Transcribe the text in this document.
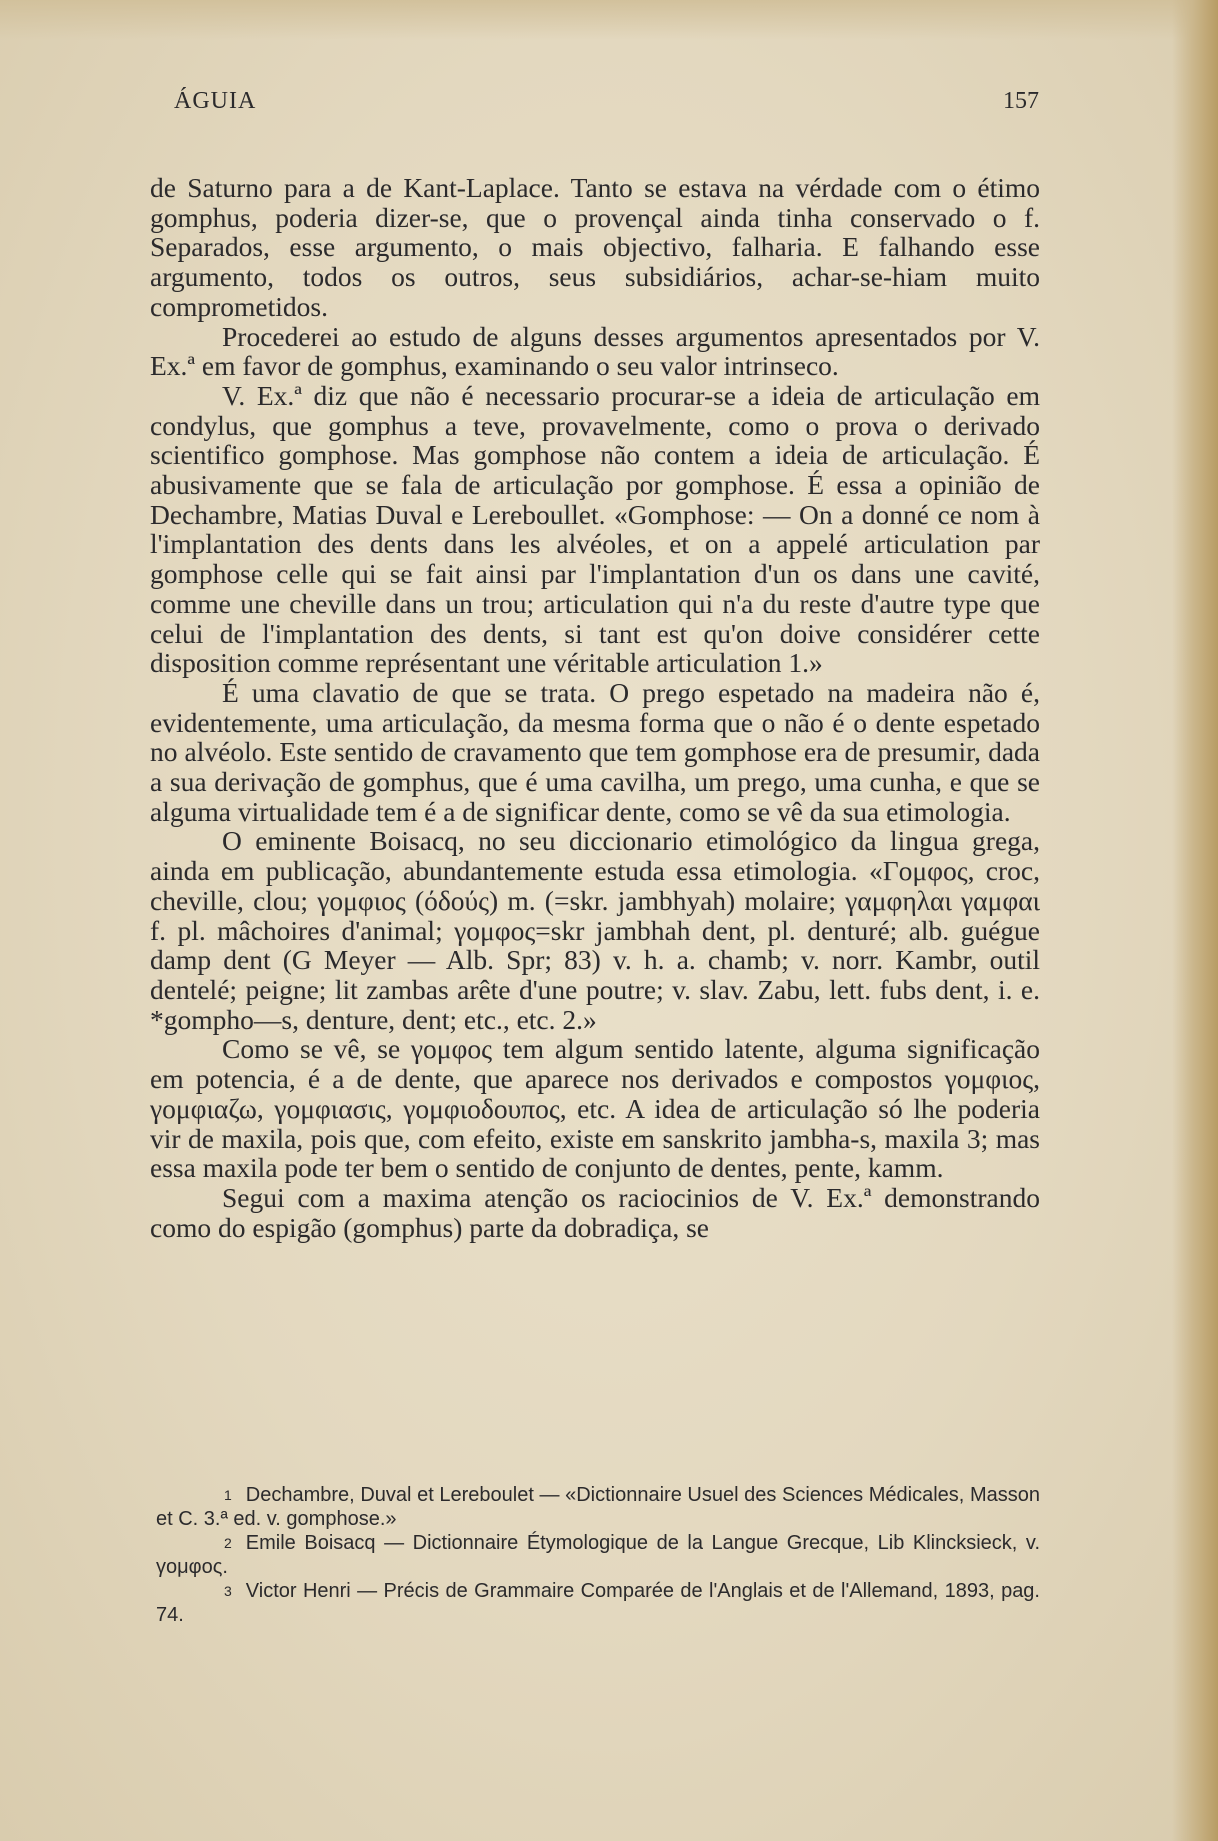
ÁGUIA	157

de Saturno para a de Kant-Laplace. Tanto se estava na vérdade com o étimo gomphus, poderia dizer-se, que o provençal ainda tinha conservado o f. Separados, esse argumento, o mais objectivo, falharia. E falhando esse argumento, todos os outros, seus subsidiários, achar-se-hiam muito comprometidos.

Procederei ao estudo de alguns desses argumentos apresentados por V. Ex.ª em favor de gomphus, examinando o seu valor intrinseco.

V. Ex.ª diz que não é necessario procurar-se a ideia de articulação em condylus, que gomphus a teve, provavelmente, como o prova o derivado scientifico gomphose. Mas gomphose não contem a ideia de articulação. É abusivamente que se fala de articulação por gomphose. É essa a opinião de Dechambre, Matias Duval e Lereboullet. «Gomphose: — On a donné ce nom à l'implantation des dents dans les alvéoles, et on a appelé articulation par gomphose celle qui se fait ainsi par l'implantation d'un os dans une cavité, comme une cheville dans un trou; articulation qui n'a du reste d'autre type que celui de l'implantation des dents, si tant est qu'on doive considérer cette disposition comme représentant une véritable articulation 1.»

É uma clavatio de que se trata. O prego espetado na madeira não é, evidentemente, uma articulação, da mesma forma que o não é o dente espetado no alvéolo. Este sentido de cravamento que tem gomphose era de presumir, dada a sua derivação de gomphus, que é uma cavilha, um prego, uma cunha, e que se alguma virtualidade tem é a de significar dente, como se vê da sua etimologia.

O eminente Boisacq, no seu diccionario etimológico da lingua grega, ainda em publicação, abundantemente estuda essa etimologia. «Γομφος, croc, cheville, clou; γομφιος (όδούς) m. (=skr. jambhyah) molaire; γαμφηλαι γαμφαι f. pl. mâchoires d'animal; γομφος=skr jambhah dent, pl. denturé; alb. guégue damp dent (G Meyer — Alb. Spr; 83) v. h. a. chamb; v. norr. Kambr, outil dentelé; peigne; lit zambas arête d'une poutre; v. slav. Zabu, lett. fubs dent, i. e. *gompho—s, denture, dent; etc., etc. 2.»

Como se vê, se γομφος tem algum sentido latente, alguma significação em potencia, é a de dente, que aparece nos derivados e compostos γομφιος, γομφιαζω, γομφιασις, γομφιοδουπος, etc. A idea de articulação só lhe poderia vir de maxila, pois que, com efeito, existe em sanskrito jambha-s, maxila 3; mas essa maxila pode ter bem o sentido de conjunto de dentes, pente, kamm.

Segui com a maxima atenção os raciocinios de V. Ex.ª demonstrando como do espigão (gomphus) parte da dobradiça, se

$^1$ Dechambre, Duval et Lereboulet — «Dictionnaire Usuel des Sciences Médicales, Masson et C. 3.ª ed. v. gomphose.»

$^2$ Emile Boisacq — Dictionnaire Étymologique de la Langue Grecque, Lib Klincksieck, v. γομφος.

$^3$ Victor Henri — Précis de Grammaire Comparée de l'Anglais et de l'Allemand, 1893, pag. 74.
